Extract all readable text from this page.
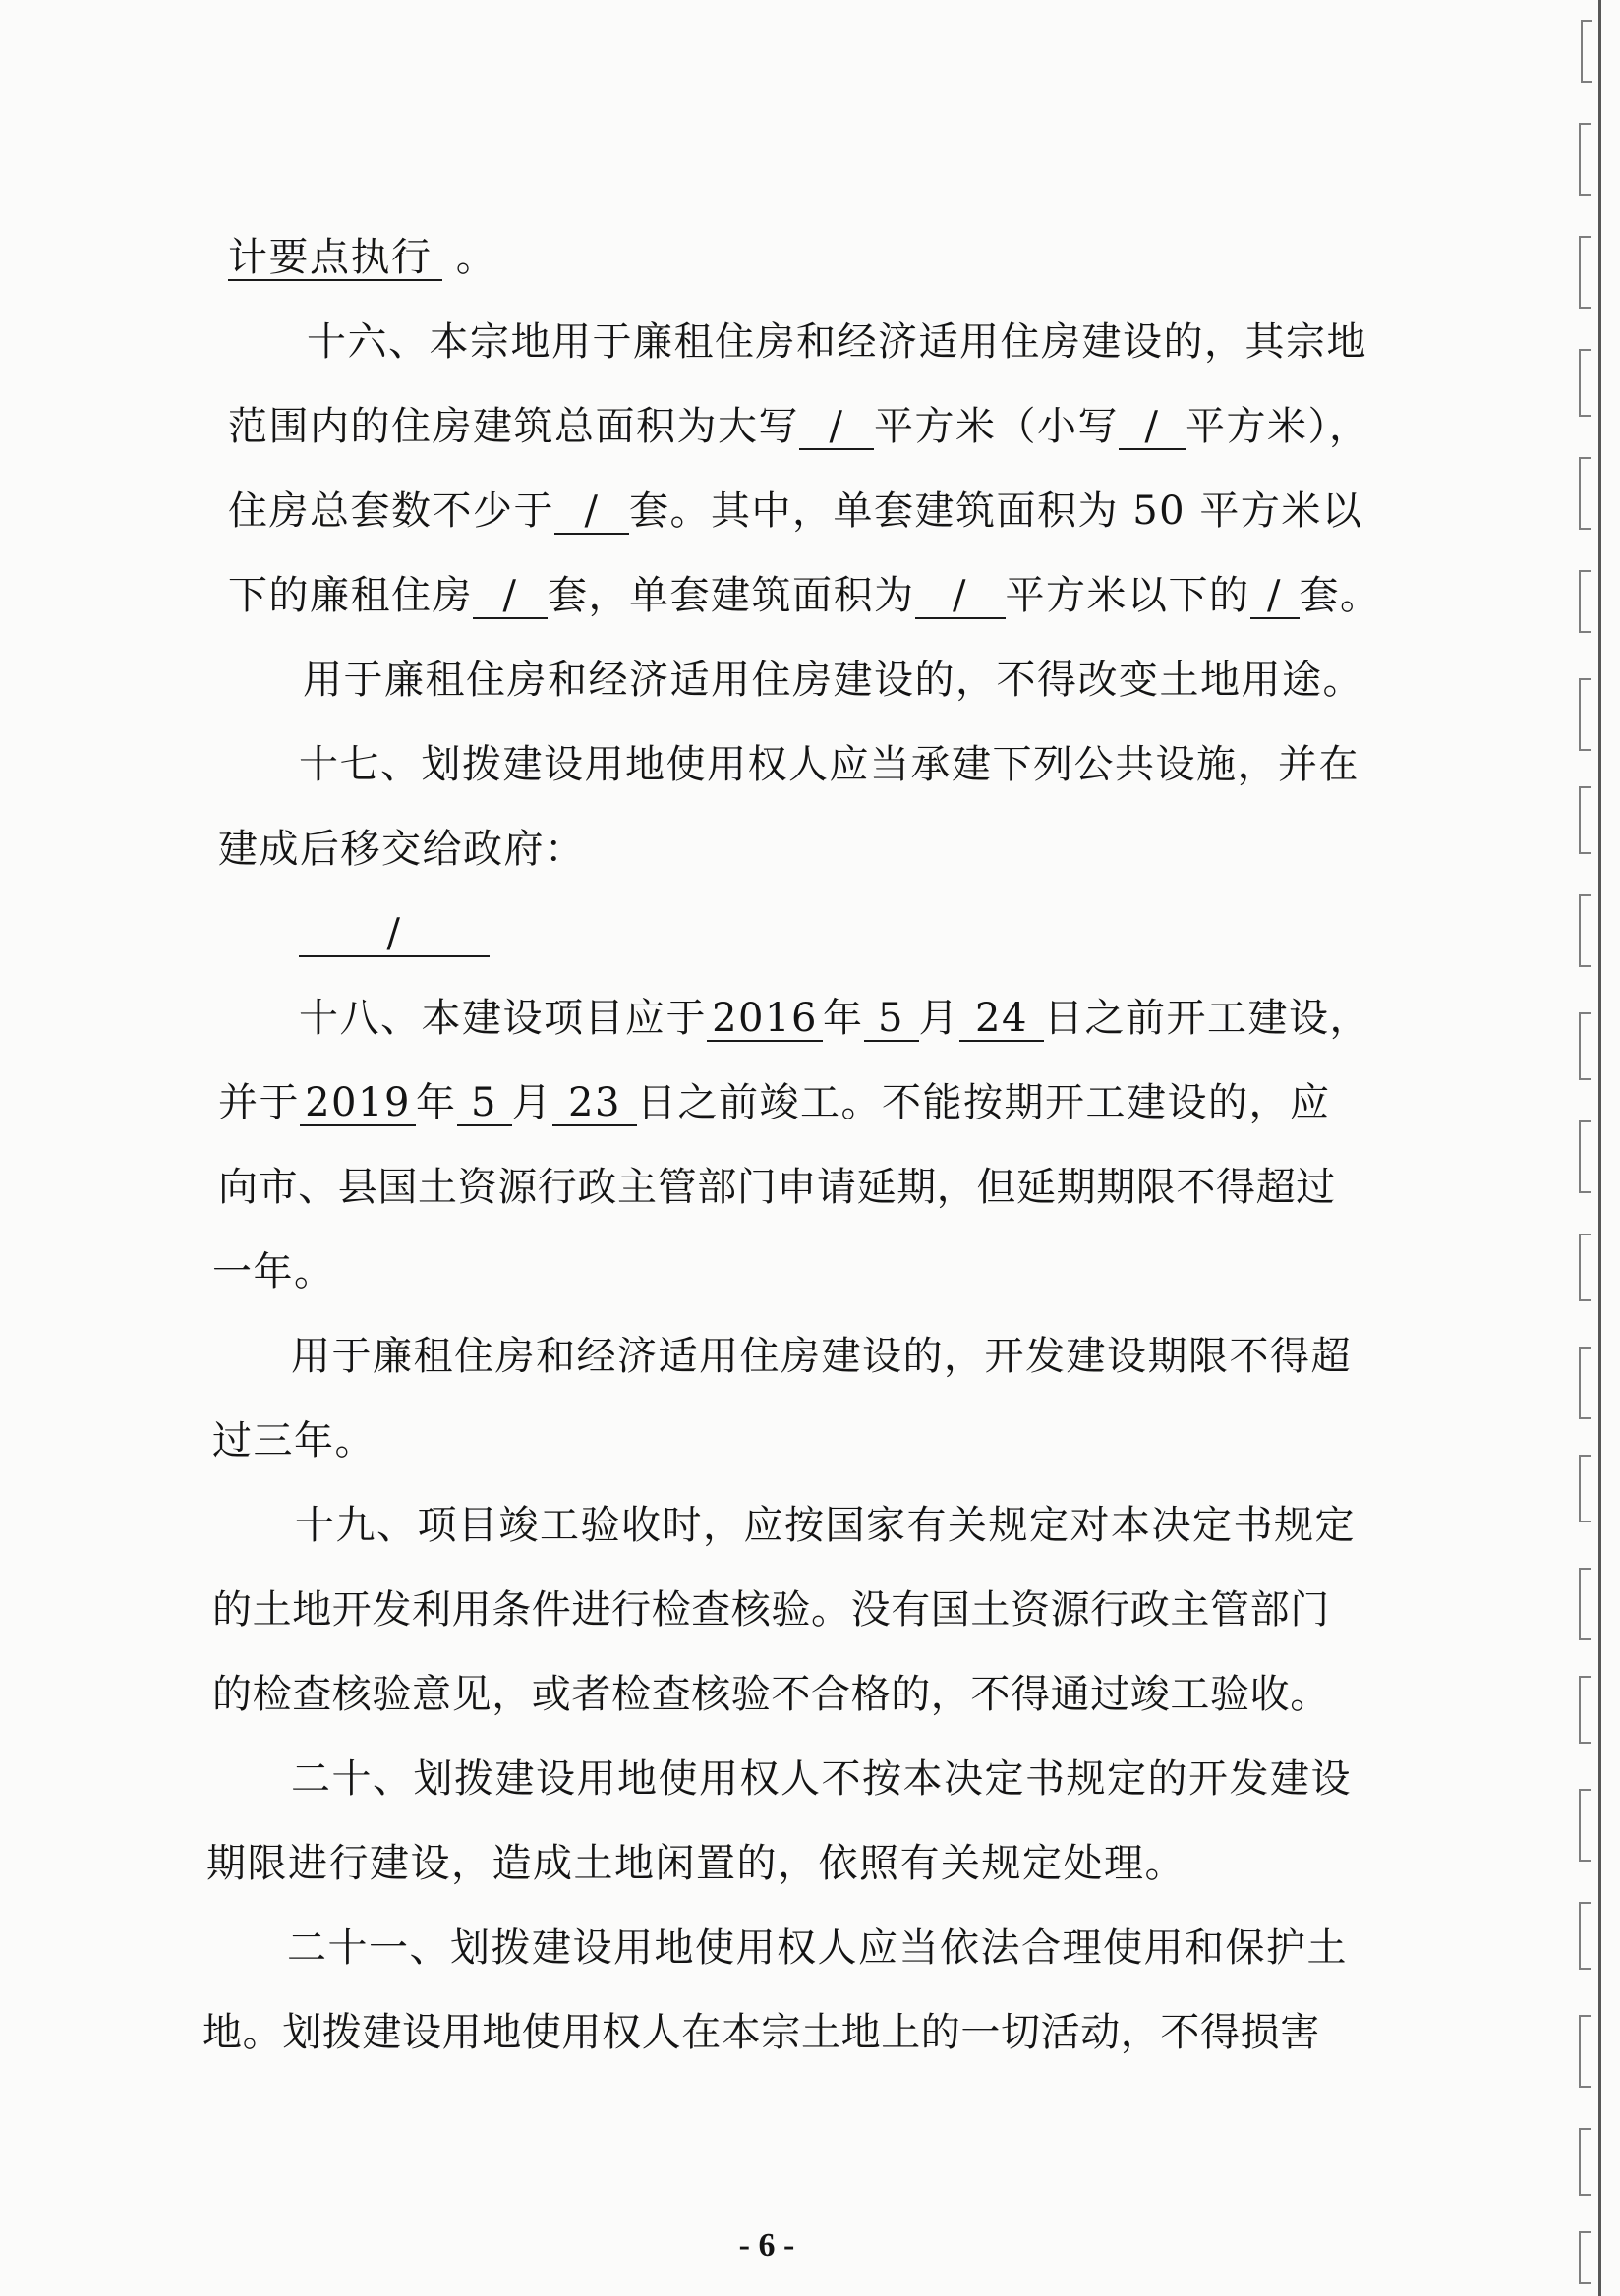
计要点执行 。
十六、本宗地用于廉租住房和经济适用住房建设的，其宗地
范围内的住房建筑总面积为大写 / 平方米（小写 / 平方米），
住房总套数不少于 / 套。其中，单套建筑面积为 50 平方米以
下的廉租住房 / 套，单套建筑面积为 / 平方米以下的 / 套。
用于廉租住房和经济适用住房建设的，不得改变土地用途。
十七、划拨建设用地使用权人应当承建下列公共设施，并在
建成后移交给政府：
/
十八、本建设项目应于 2016 年 5 月 24 日之前开工建设，
并于 2019 年 5 月 23 日之前竣工。不能按期开工建设的，应
向市、县国土资源行政主管部门申请延期，但延期期限不得超过
一年。
用于廉租住房和经济适用住房建设的，开发建设期限不得超
过三年。
十九、项目竣工验收时，应按国家有关规定对本决定书规定
的土地开发利用条件进行检查核验。没有国土资源行政主管部门
的检查核验意见，或者检查核验不合格的，不得通过竣工验收。
二十、划拨建设用地使用权人不按本决定书规定的开发建设
期限进行建设，造成土地闲置的，依照有关规定处理。
二十一、划拨建设用地使用权人应当依法合理使用和保护土
地。划拨建设用地使用权人在本宗土地上的一切活动，不得损害
- 6 -
